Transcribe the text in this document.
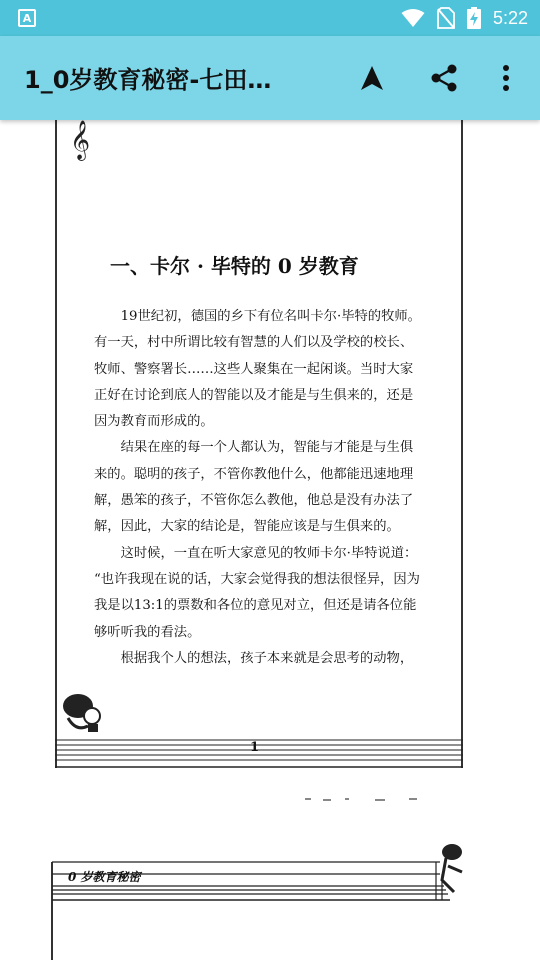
A	5:22
1_0岁教育秘密-七田…
𝄞
一、卡尔 · 毕特的 0 岁教育

19世纪初，德国的乡下有位名叫卡尔·毕特的牧师。

有一天，村中所谓比较有智慧的人们以及学校的校长、

牧师、警察署长……这些人聚集在一起闲谈。当时大家

正好在讨论到底人的智能以及才能是与生俱来的，还是

因为教育而形成的。

结果在座的每一个人都认为，智能与才能是与生俱

来的。聪明的孩子，不管你教他什么，他都能迅速地理

解，愚笨的孩子，不管你怎么教他，他总是没有办法了

解，因此，大家的结论是，智能应该是与生俱来的。

这时候，一直在听大家意见的牧师卡尔·毕特说道：

“也许我现在说的话，大家会觉得我的想法很怪异，因为

我是以13:1的票数和各位的意见对立，但还是请各位能

够听听我的看法。

根据我个人的想法，孩子本来就是会思考的动物，

1
0 岁教育秘密
